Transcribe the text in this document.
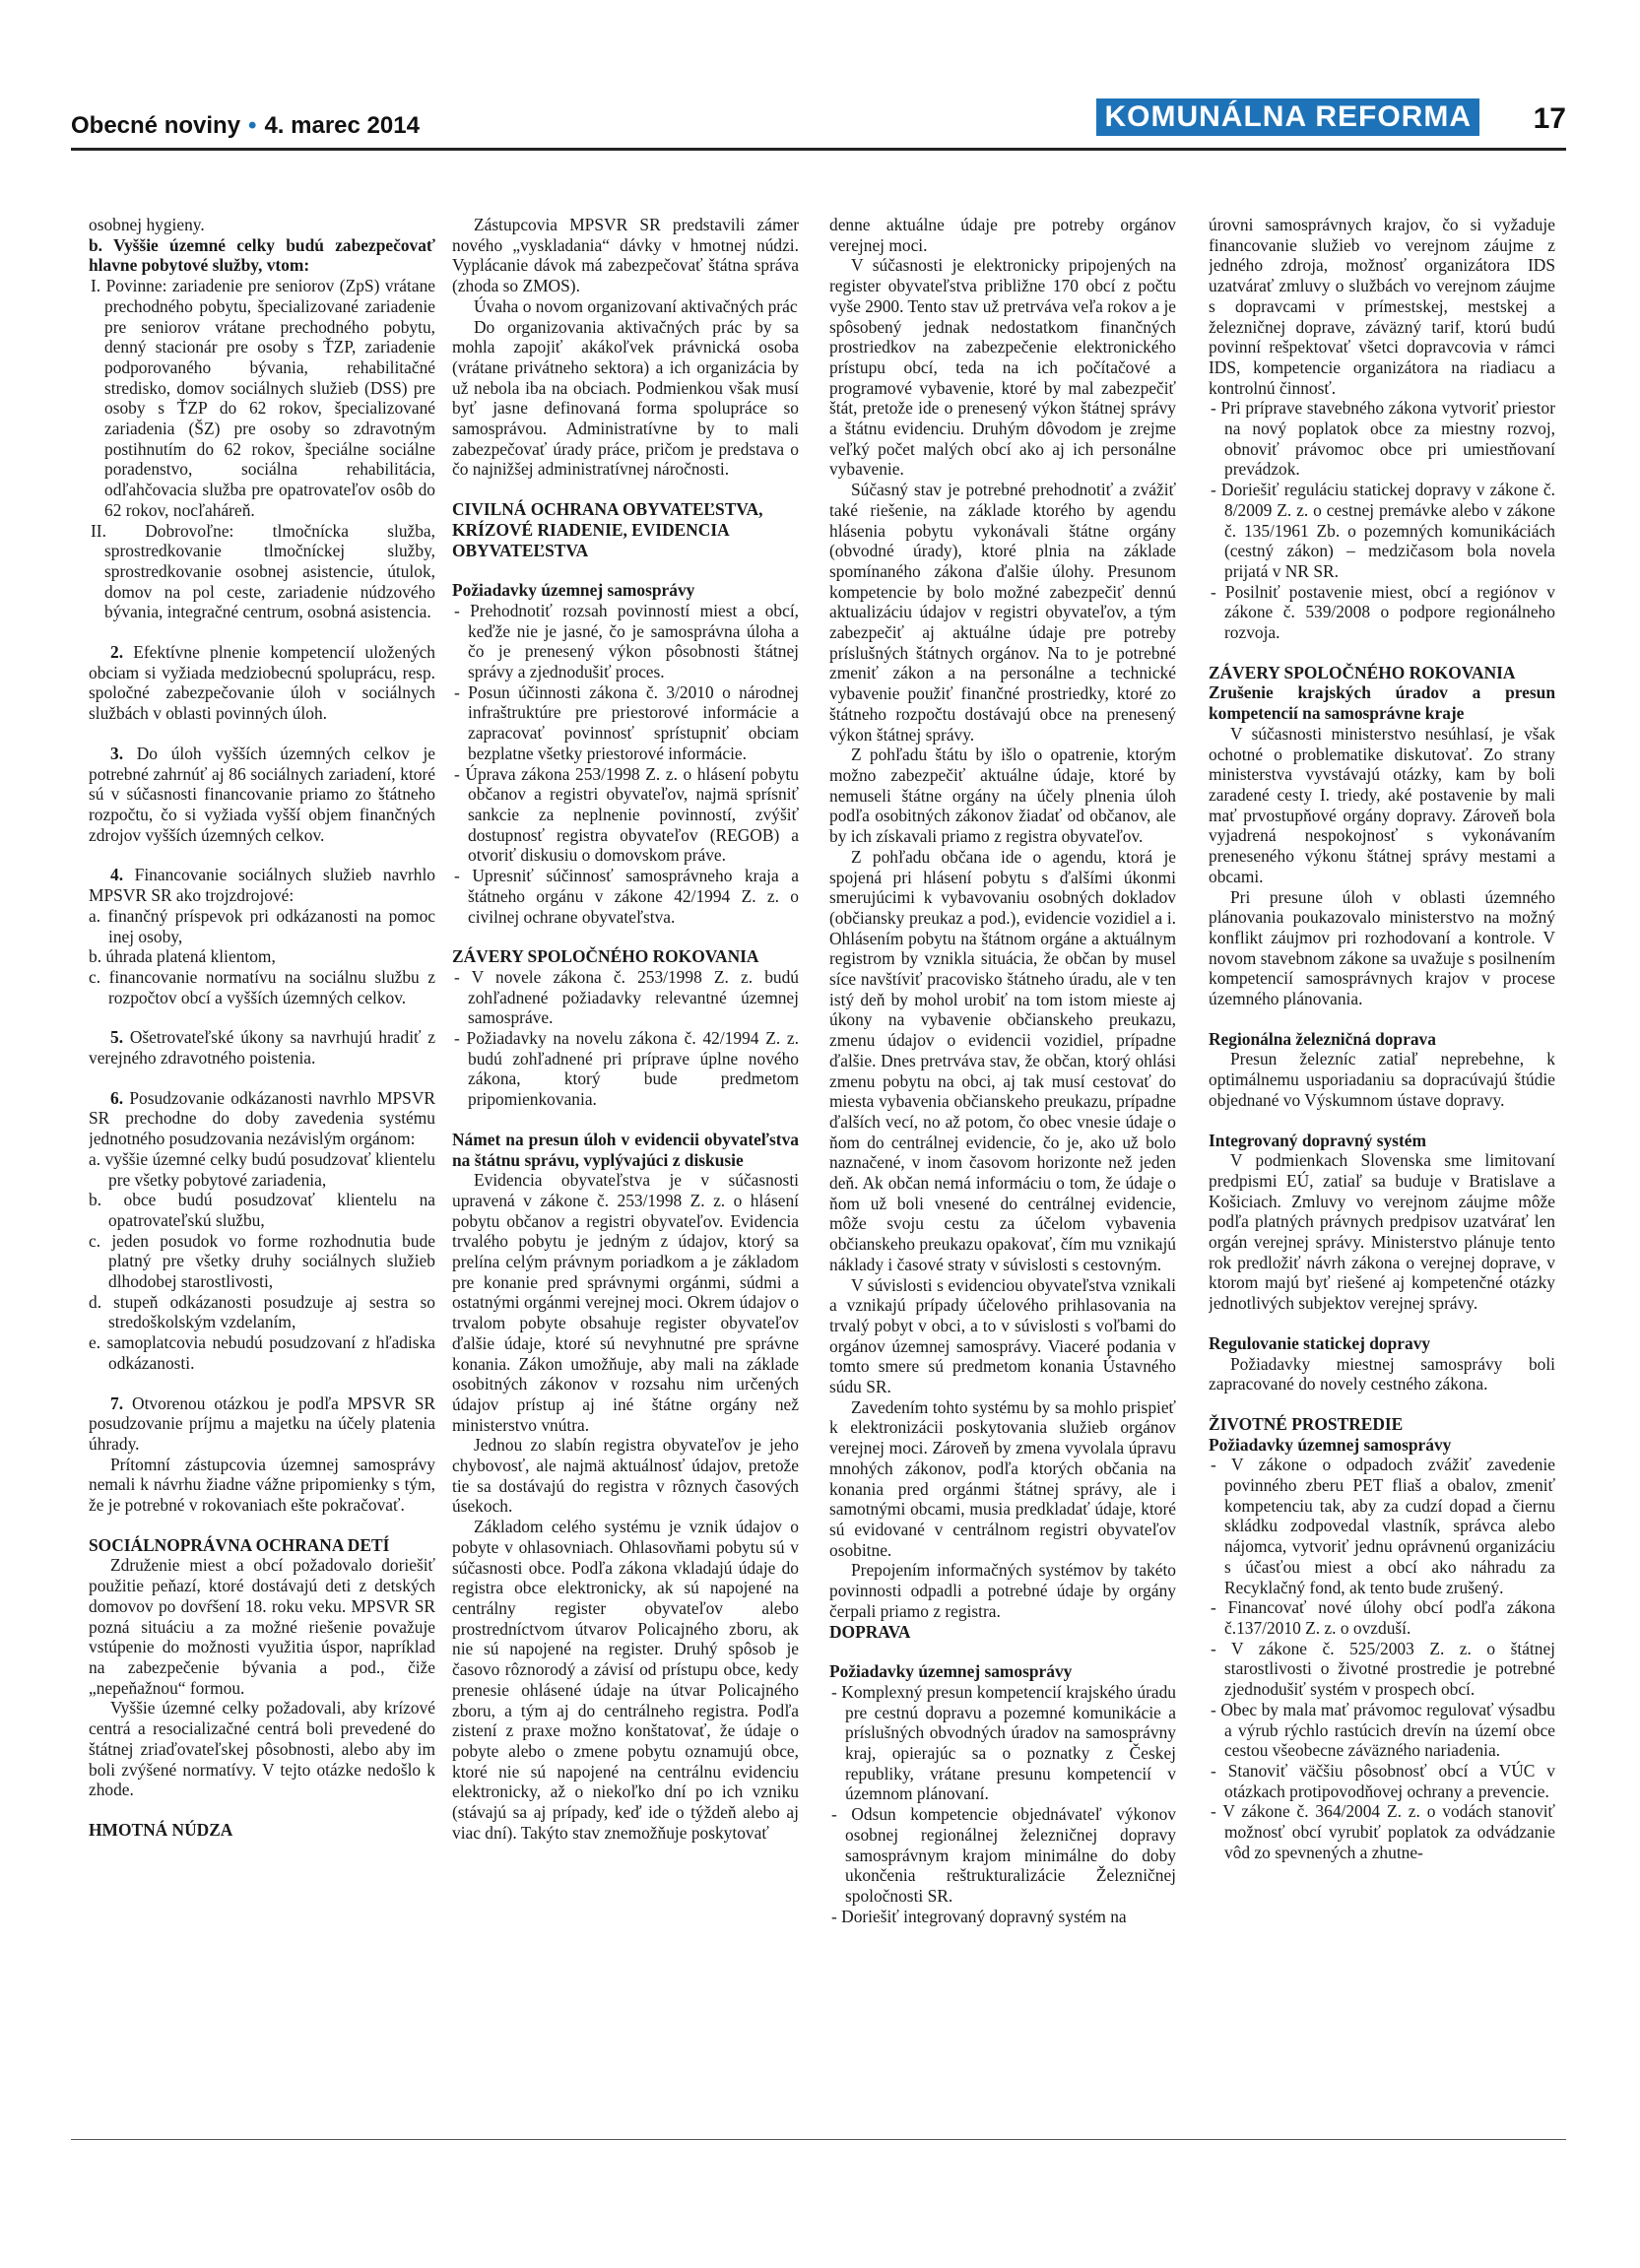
Obecné noviny • 4. marec 2014	KOMUNÁLNA REFORMA 17

osobnej hygieny.

b. Vyššie územné celky budú zabezpečovať hlavne pobytové služby, vtom:

I. Povinne: zariadenie pre seniorov (ZpS) vrátane prechodného pobytu, špecializované zariadenie pre seniorov vrátane prechodného pobytu, denný stacionár pre osoby s ŤZP, zariadenie podporovaného bývania, rehabilitačné stredisko, domov sociálnych služieb (DSS) pre osoby s ŤZP do 62 rokov, špecializované zariadenia (ŠZ) pre osoby so zdravotným postihnutím do 62 rokov, špeciálne sociálne poradenstvo, sociálna rehabilitácia, odľahčovacia služba pre opatrovateľov osôb do 62 rokov, nocľaháreň.
II. Dobrovoľne: tlmočnícka služba, sprostredkovanie tlmočníckej služby, sprostredkovanie osobnej asistencie, útulok, domov na pol ceste, zariadenie núdzového bývania, integračné centrum, osobná asistencia.

2. Efektívne plnenie kompetencií uložených obciam si vyžiada medziobecnú spoluprácu, resp. spoločné zabezpečovanie úloh v sociálnych službách v oblasti povinných úloh.

3. Do úloh vyšších územných celkov je potrebné zahrnúť aj 86 sociálnych zariadení, ktoré sú v súčasnosti financovanie priamo zo štátneho rozpočtu, čo si vyžiada vyšší objem finančných zdrojov vyšších územných celkov.

4. Financovanie sociálnych služieb navrhlo MPSVR SR ako trojzdrojové:

a. finančný príspevok pri odkázanosti na pomoc inej osoby,
b. úhrada platená klientom,
c. financovanie normatívu na sociálnu službu z rozpočtov obcí a vyšších územných celkov.

5. Ošetrovateľské úkony sa navrhujú hradiť z verejného zdravotného poistenia.

6. Posudzovanie odkázanosti navrhlo MPSVR SR prechodne do doby zavedenia systému jednotného posudzovania nezávislým orgánom:

a. vyššie územné celky budú posudzovať klientelu pre všetky pobytové zariadenia,
b. obce budú posudzovať klientelu na opatrovateľskú službu,
c. jeden posudok vo forme rozhodnutia bude platný pre všetky druhy sociálnych služieb dlhodobej starostlivosti,
d. stupeň odkázanosti posudzuje aj sestra so stredoškolským vzdelaním,
e. samoplatcovia nebudú posudzovaní z hľadiska odkázanosti.

7. Otvorenou otázkou je podľa MPSVR SR posudzovanie príjmu a majetku na účely platenia úhrady.

Prítomní zástupcovia územnej samosprávy nemali k návrhu žiadne vážne pripomienky s tým, že je potrebné v rokovaniach ešte pokračovať.

SOCIÁLNOPRÁVNA OCHRANA DETÍ

Združenie miest a obcí požadovalo doriešiť použitie peňazí, ktoré dostávajú deti z detských domovov po dovŕšení 18. roku veku. MPSVR SR pozná situáciu a za možné riešenie považuje vstúpenie do možnosti využitia úspor, napríklad na zabezpečenie bývania a pod., čiže „nepeňažnou“ formou.

Vyššie územné celky požadovali, aby krízové centrá a resocializačné centrá boli prevedené do štátnej zriaďovateľskej pôsobnosti, alebo aby im boli zvýšené normatívy. V tejto otázke nedošlo k zhode.

HMOTNÁ NÚDZA

Zástupcovia MPSVR SR predstavili zámer nového „vyskladania“ dávky v hmotnej núdzi. Vyplácanie dávok má zabezpečovať štátna správa (zhoda so ZMOS).

Úvaha o novom organizovaní aktivačných prác

Do organizovania aktivačných prác by sa mohla zapojiť akákoľvek právnická osoba (vrátane privátneho sektora) a ich organizácia by už nebola iba na obciach. Podmienkou však musí byť jasne definovaná forma spolupráce so samosprávou. Administratívne by to mali zabezpečovať úrady práce, pričom je predstava o čo najnižšej administratívnej náročnosti.

CIVILNÁ OCHRANA OBYVATEĽSTVA, KRÍZOVÉ RIADENIE, EVIDENCIA OBYVATEĽSTVA

Požiadavky územnej samosprávy

- Prehodnotiť rozsah povinností miest a obcí, keďže nie je jasné, čo je samosprávna úloha a čo je prenesený výkon pôsobnosti štátnej správy a zjednodušiť proces.
- Posun účinnosti zákona č. 3/2010 o národnej infraštruktúre pre priestorové informácie a zapracovať povinnosť sprístupniť obciam bezplatne všetky priestorové informácie.
- Úprava zákona 253/1998 Z. z. o hlásení pobytu občanov a registri obyvateľov, najmä sprísniť sankcie za neplnenie povinností, zvýšiť dostupnosť registra obyvateľov (REGOB) a otvoriť diskusiu o domovskom práve.
- Upresniť súčinnosť samosprávneho kraja a štátneho orgánu v zákone 42/1994 Z. z. o civilnej ochrane obyvateľstva.

ZÁVERY SPOLOČNÉHO ROKOVANIA

- V novele zákona č. 253/1998 Z. z. budú zohľadnené požiadavky relevantné územnej samospráve.
- Požiadavky na novelu zákona č. 42/1994 Z. z. budú zohľadnené pri príprave úplne nového zákona, ktorý bude predmetom pripomienkovania.

Námet na presun úloh v evidencii obyvateľstva na štátnu správu, vyplývajúci z diskusie

Evidencia obyvateľstva je v súčasnosti upravená v zákone č. 253/1998 Z. z. o hlásení pobytu občanov a registri obyvateľov. Evidencia trvalého pobytu je jedným z údajov, ktorý sa prelína celým právnym poriadkom a je základom pre konanie pred správnymi orgánmi, súdmi a ostatnými orgánmi verejnej moci. Okrem údajov o trvalom pobyte obsahuje register obyvateľov ďalšie údaje, ktoré sú nevyhnutné pre správne konania. Zákon umožňuje, aby mali na základe osobitných zákonov v rozsahu nim určených údajov prístup aj iné štátne orgány než ministerstvo vnútra.

Jednou zo slabín registra obyvateľov je jeho chybovosť, ale najmä aktuálnosť údajov, pretože tie sa dostávajú do registra v rôznych časových úsekoch.

Základom celého systému je vznik údajov o pobyte v ohlasovniach. Ohlasovňami pobytu sú v súčasnosti obce. Podľa zákona vkladajú údaje do registra obce elektronicky, ak sú napojené na centrálny register obyvateľov alebo prostredníctvom útvarov Policajného zboru, ak nie sú napojené na register. Druhý spôsob je časovo rôznorodý a závisí od prístupu obce, kedy prenesie ohlásené údaje na útvar Policajného zboru, a tým aj do centrálneho registra. Podľa zistení z praxe možno konštatovať, že údaje o pobyte alebo o zmene pobytu oznamujú obce, ktoré nie sú napojené na centrálnu evidenciu elektronicky, až o niekoľko dní po ich vzniku (stávajú sa aj prípady, keď ide o týždeň alebo aj viac dní). Takýto stav znemožňuje poskytovať

denne aktuálne údaje pre potreby orgánov verejnej moci.

V súčasnosti je elektronicky pripojených na register obyvateľstva približne 170 obcí z počtu vyše 2900. Tento stav už pretrváva veľa rokov a je spôsobený jednak nedostatkom finančných prostriedkov na zabezpečenie elektronického prístupu obcí, teda na ich počítačové a programové vybavenie, ktoré by mal zabezpečiť štát, pretože ide o prenesený výkon štátnej správy a štátnu evidenciu. Druhým dôvodom je zrejme veľký počet malých obcí ako aj ich personálne vybavenie.

Súčasný stav je potrebné prehodnotiť a zvážiť také riešenie, na základe ktorého by agendu hlásenia pobytu vykonávali štátne orgány (obvodné úrady), ktoré plnia na základe spomínaného zákona ďalšie úlohy. Presunom kompetencie by bolo možné zabezpečiť dennú aktualizáciu údajov v registri obyvateľov, a tým zabezpečiť aj aktuálne údaje pre potreby príslušných štátnych orgánov. Na to je potrebné zmeniť zákon a na personálne a technické vybavenie použiť finančné prostriedky, ktoré zo štátneho rozpočtu dostávajú obce na prenesený výkon štátnej správy.

Z pohľadu štátu by išlo o opatrenie, ktorým možno zabezpečiť aktuálne údaje, ktoré by nemuseli štátne orgány na účely plnenia úloh podľa osobitných zákonov žiadať od občanov, ale by ich získavali priamo z registra obyvateľov.

Z pohľadu občana ide o agendu, ktorá je spojená pri hlásení pobytu s ďalšími úkonmi smerujúcimi k vybavovaniu osobných dokladov (občiansky preukaz a pod.), evidencie vozidiel a i. Ohlásením pobytu na štátnom orgáne a aktuálnym registrom by vznikla situácia, že občan by musel síce navštíviť pracovisko štátneho úradu, ale v ten istý deň by mohol urobiť na tom istom mieste aj úkony na vybavenie občianskeho preukazu, zmenu údajov o evidencii vozidiel, prípadne ďalšie. Dnes pretrváva stav, že občan, ktorý ohlási zmenu pobytu na obci, aj tak musí cestovať do miesta vybavenia občianskeho preukazu, prípadne ďalších vecí, no až potom, čo obec vnesie údaje o ňom do centrálnej evidencie, čo je, ako už bolo naznačené, v inom časovom horizonte než jeden deň. Ak občan nemá informáciu o tom, že údaje o ňom už boli vnesené do centrálnej evidencie, môže svoju cestu za účelom vybavenia občianskeho preukazu opakovať, čím mu vznikajú náklady i časové straty v súvislosti s cestovným.

V súvislosti s evidenciou obyvateľstva vznikali a vznikajú prípady účelového prihlasovania na trvalý pobyt v obci, a to v súvislosti s voľbami do orgánov územnej samosprávy. Viaceré podania v tomto smere sú predmetom konania Ústavného súdu SR.

Zavedením tohto systému by sa mohlo prispieť k elektronizácii poskytovania služieb orgánov verejnej moci. Zároveň by zmena vyvolala úpravu mnohých zákonov, podľa ktorých občania na konania pred orgánmi štátnej správy, ale i samotnými obcami, musia predkladať údaje, ktoré sú evidované v centrálnom registri obyvateľov osobitne.

Prepojením informačných systémov by takéto povinnosti odpadli a potrebné údaje by orgány čerpali priamo z registra.

DOPRAVA

Požiadavky územnej samosprávy

- Komplexný presun kompetencií krajského úradu pre cestnú dopravu a pozemné komunikácie a príslušných obvodných úradov na samosprávny kraj, opierajúc sa o poznatky z Českej republiky, vrátane presunu kompetencií v územnom plánovaní.
- Odsun kompetencie objednávateľ výkonov osobnej regionálnej železničnej dopravy samosprávnym krajom minimálne do doby ukončenia reštrukturalizácie Železničnej spoločnosti SR.
- Doriešiť integrovaný dopravný systém na

úrovni samosprávnych krajov, čo si vyžaduje financovanie služieb vo verejnom záujme z jedného zdroja, možnosť organizátora IDS uzatvárať zmluvy o službách vo verejnom záujme s dopravcami v prímestskej, mestskej a železničnej doprave, záväzný tarif, ktorú budú povinní rešpektovať všetci dopravcovia v rámci IDS, kompetencie organizátora na riadiacu a kontrolnú činnosť.

- Pri príprave stavebného zákona vytvoriť priestor na nový poplatok obce za miestny rozvoj, obnoviť právomoc obce pri umiestňovaní prevádzok.
- Doriešiť reguláciu statickej dopravy v zákone č. 8/2009 Z. z. o cestnej premávke alebo v zákone č. 135/1961 Zb. o pozemných komunikáciách (cestný zákon) – medzičasom bola novela prijatá v NR SR.
- Posilniť postavenie miest, obcí a regiónov v zákone č. 539/2008 o podpore regionálneho rozvoja.

ZÁVERY SPOLOČNÉHO ROKOVANIA

Zrušenie krajských úradov a presun kompetencií na samosprávne kraje

V súčasnosti ministerstvo nesúhlasí, je však ochotné o problematike diskutovať. Zo strany ministerstva vyvstávajú otázky, kam by boli zaradené cesty I. triedy, aké postavenie by mali mať prvostupňové orgány dopravy. Zároveň bola vyjadrená nespokojnosť s vykonávaním preneseného výkonu štátnej správy mestami a obcami.

Pri presune úloh v oblasti územného plánovania poukazovalo ministerstvo na možný konflikt záujmov pri rozhodovaní a kontrole. V novom stavebnom zákone sa uvažuje s posilnením kompetencií samosprávnych krajov v procese územného plánovania.

Regionálna železničná doprava

Presun železníc zatiaľ neprebehne, k optimálnemu usporiadaniu sa dopracúvajú štúdie objednané vo Výskumnom ústave dopravy.

Integrovaný dopravný systém

V podmienkach Slovenska sme limitovaní predpismi EÚ, zatiaľ sa buduje v Bratislave a Košiciach. Zmluvy vo verejnom záujme môže podľa platných právnych predpisov uzatvárať len orgán verejnej správy. Ministerstvo plánuje tento rok predložiť návrh zákona o verejnej doprave, v ktorom majú byť riešené aj kompetenčné otázky jednotlivých subjektov verejnej správy.

Regulovanie statickej dopravy

Požiadavky miestnej samosprávy boli zapracované do novely cestného zákona.

ŽIVOTNÉ PROSTREDIE

Požiadavky územnej samosprávy

- V zákone o odpadoch zvážiť zavedenie povinného zberu PET fliaš a obalov, zmeniť kompetenciu tak, aby za cudzí dopad a čiernu skládku zodpovedal vlastník, správca alebo nájomca, vytvoriť jednu oprávnenú organizáciu s účasťou miest a obcí ako náhradu za Recyklačný fond, ak tento bude zrušený.
- Financovať nové úlohy obcí podľa zákona č.137/2010 Z. z. o ovzduší.
- V zákone č. 525/2003 Z. z. o štátnej starostlivosti o životné prostredie je potrebné zjednodušiť systém v prospech obcí.
- Obec by mala mať právomoc regulovať výsadbu a výrub rýchlo rastúcich drevín na území obce cestou všeobecne záväzného nariadenia.
- Stanoviť väčšiu pôsobnosť obcí a VÚC v otázkach protipovodňovej ochrany a prevencie.
- V zákone č. 364/2004 Z. z. o vodách stanoviť možnosť obcí vyrubiť poplatok za odvádzanie vôd zo spevnených a zhutne-
